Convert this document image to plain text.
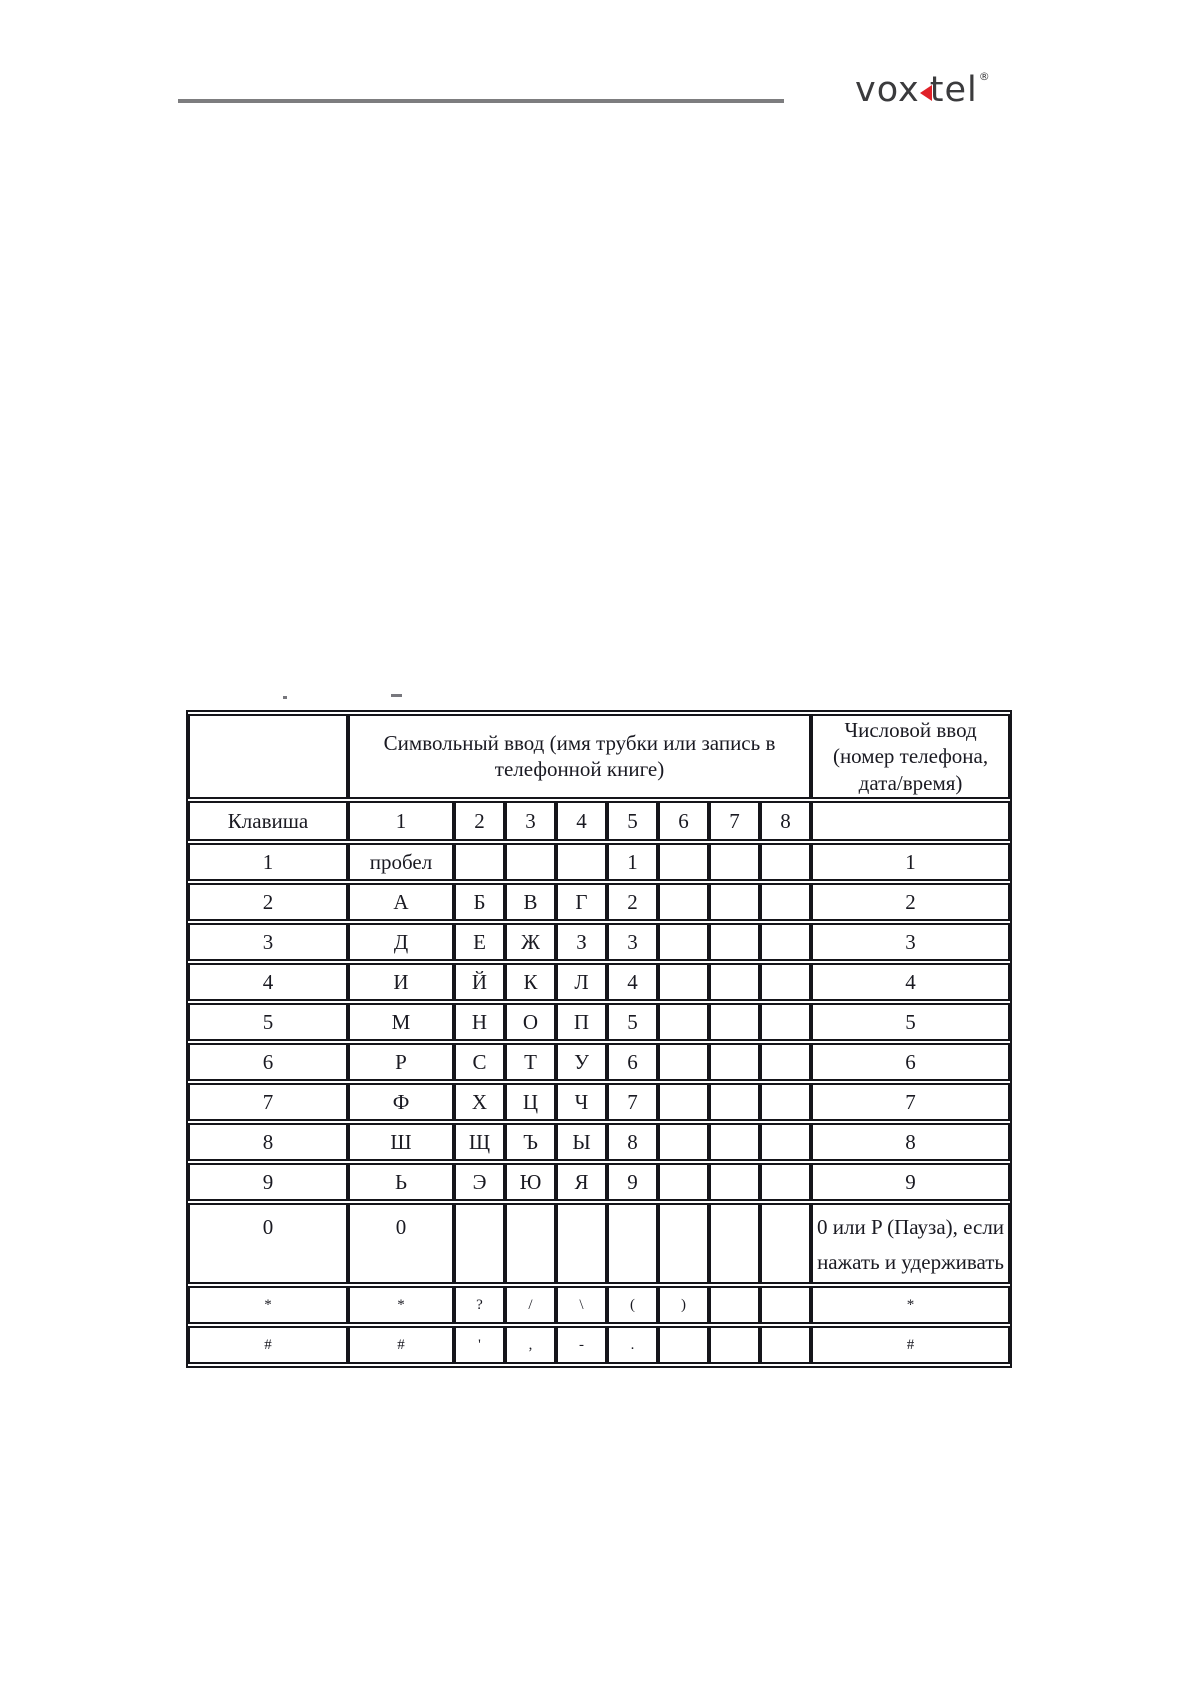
vox tel ®
	Символьный ввод (имя трубки или запись в телефонной книге)								Числовой ввод (номер телефона, дата/время)
Клавиша	1	2	3	4	5	6	7	8	
1	пробел				1				1
2	А	Б	В	Г	2				2
3	Д	Е	Ж	З	3				3
4	И	Й	К	Л	4				4
5	М	Н	О	П	5				5
6	Р	С	Т	У	6				6
7	Ф	Х	Ц	Ч	7				7
8	Ш	Щ	Ъ	Ы	8				8
9	Ь	Э	Ю	Я	9				9
0	0								0 или P (Пауза), если нажать и удерживать
*	*	?	/	\	(	)			*
#	#	'	,	-	.				#
